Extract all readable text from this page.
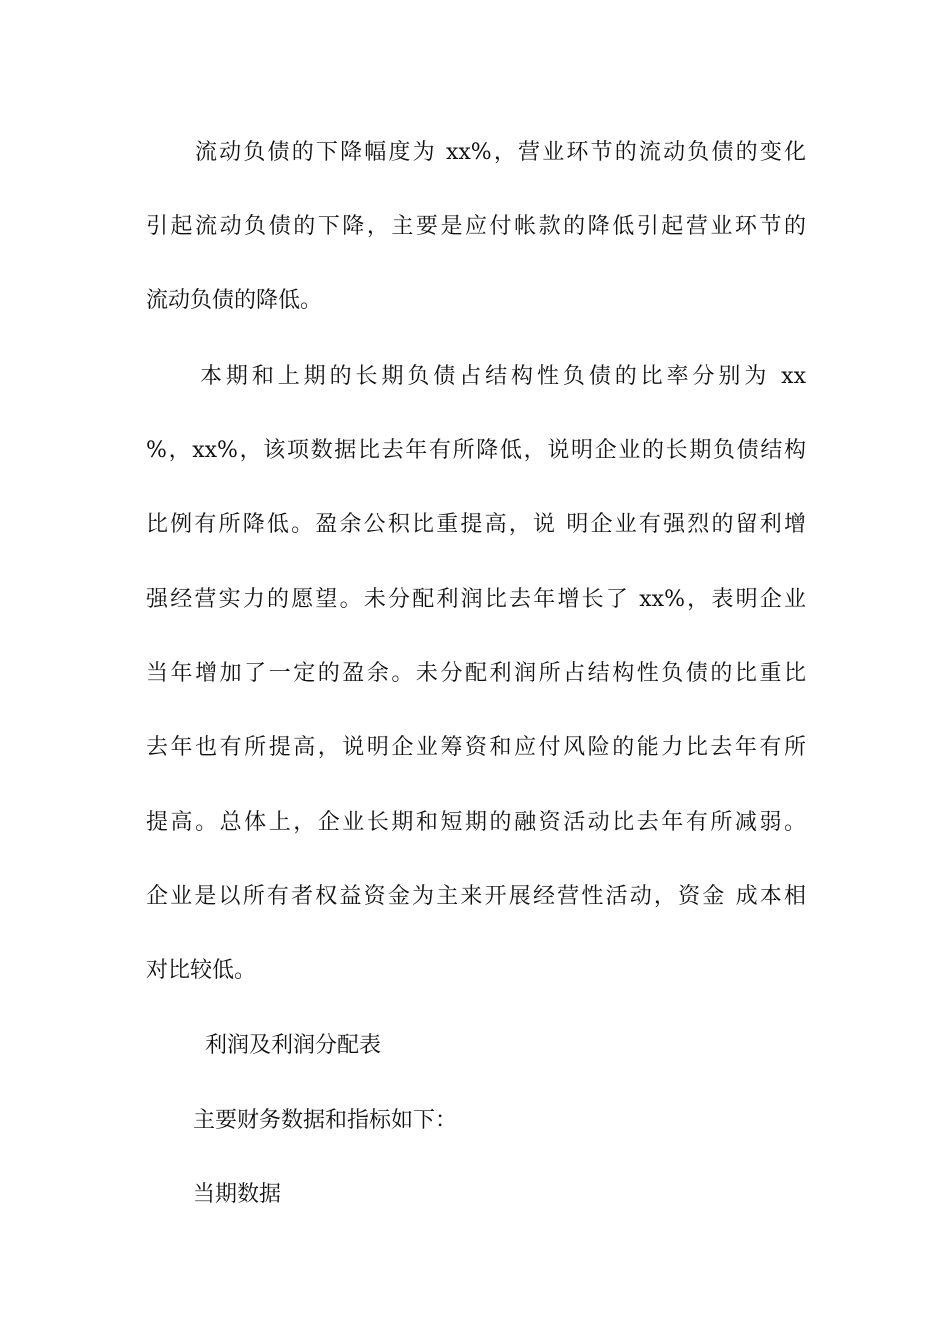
流动负债的下降幅度为 xx%，营业环节的流动负债的变化
引起流动负债的下降，主要是应付帐款的降低引起营业环节的
流动负债的降低。
本期和上期的长期负债占结构性负债的比率分别为 xx
%，xx%，该项数据比去年有所降低，说明企业的长期负债结构
比例有所降低。盈余公积比重提高，说 明企业有强烈的留利增
强经营实力的愿望。未分配利润比去年增长了 xx%，表明企业
当年增加了一定的盈余。未分配利润所占结构性负债的比重比
去年也有所提高，说明企业筹资和应付风险的能力比去年有所
提高。总体上，企业长期和短期的融资活动比去年有所减弱。
企业是以所有者权益资金为主来开展经营性活动，资金 成本相
对比较低。
利润及利润分配表
主要财务数据和指标如下：
当期数据
